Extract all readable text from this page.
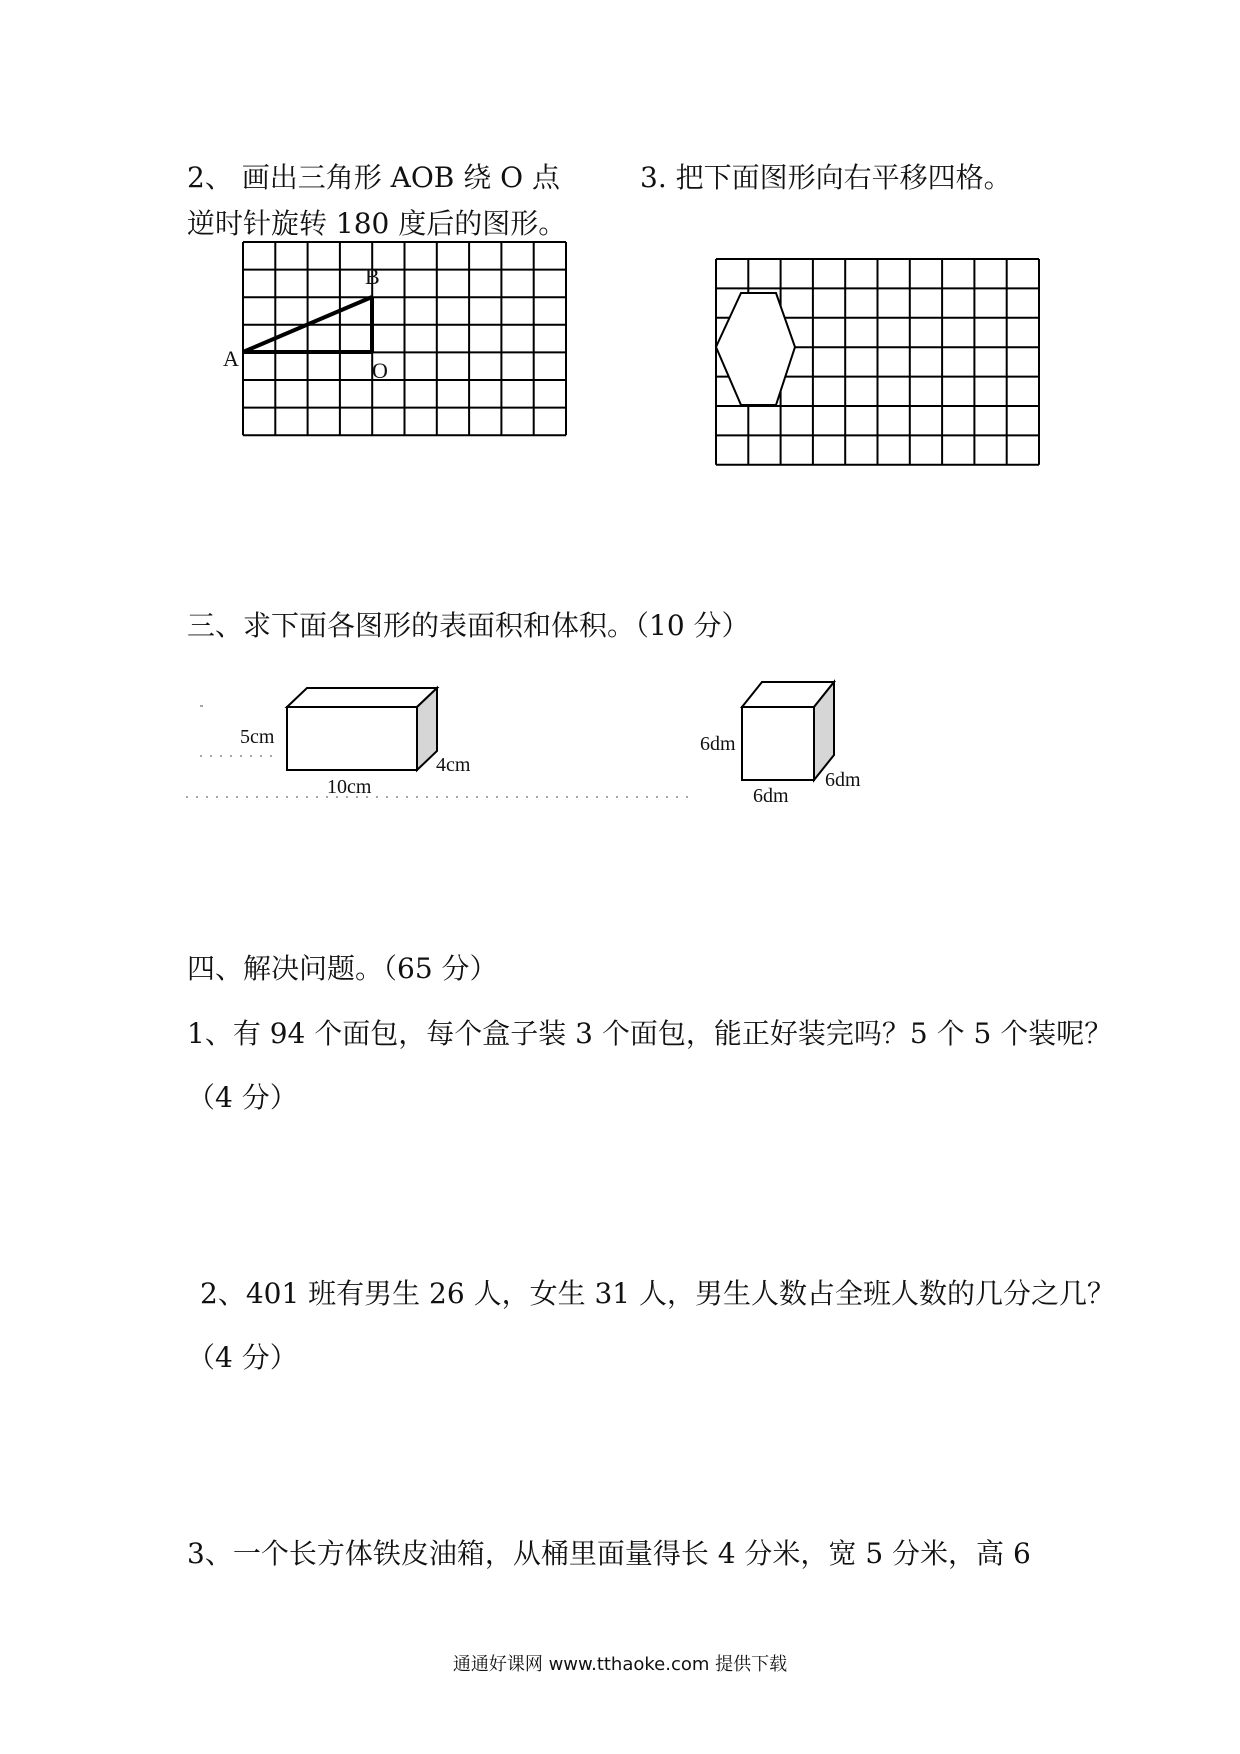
2、 画出三角形 AOB 绕 O 点
逆时针旋转 180 度后的图形。
3. 把下面图形向右平移四格。
B
A	O
三、求下面各图形的表面积和体积。（10 分）
5cm
10cm
4cm
6dm
6dm
6dm
四、解决问题。（65 分）
1、有 94 个面包，每个盒子装 3 个面包，能正好装完吗？5 个 5 个装呢？
（4 分）
2、401 班有男生 26 人，女生 31 人，男生人数占全班人数的几分之几？
（4 分）
3、一个长方体铁皮油箱，从桶里面量得长 4 分米，宽 5 分米，高 6
通通好课网 www.tthaoke.com 提供下载
